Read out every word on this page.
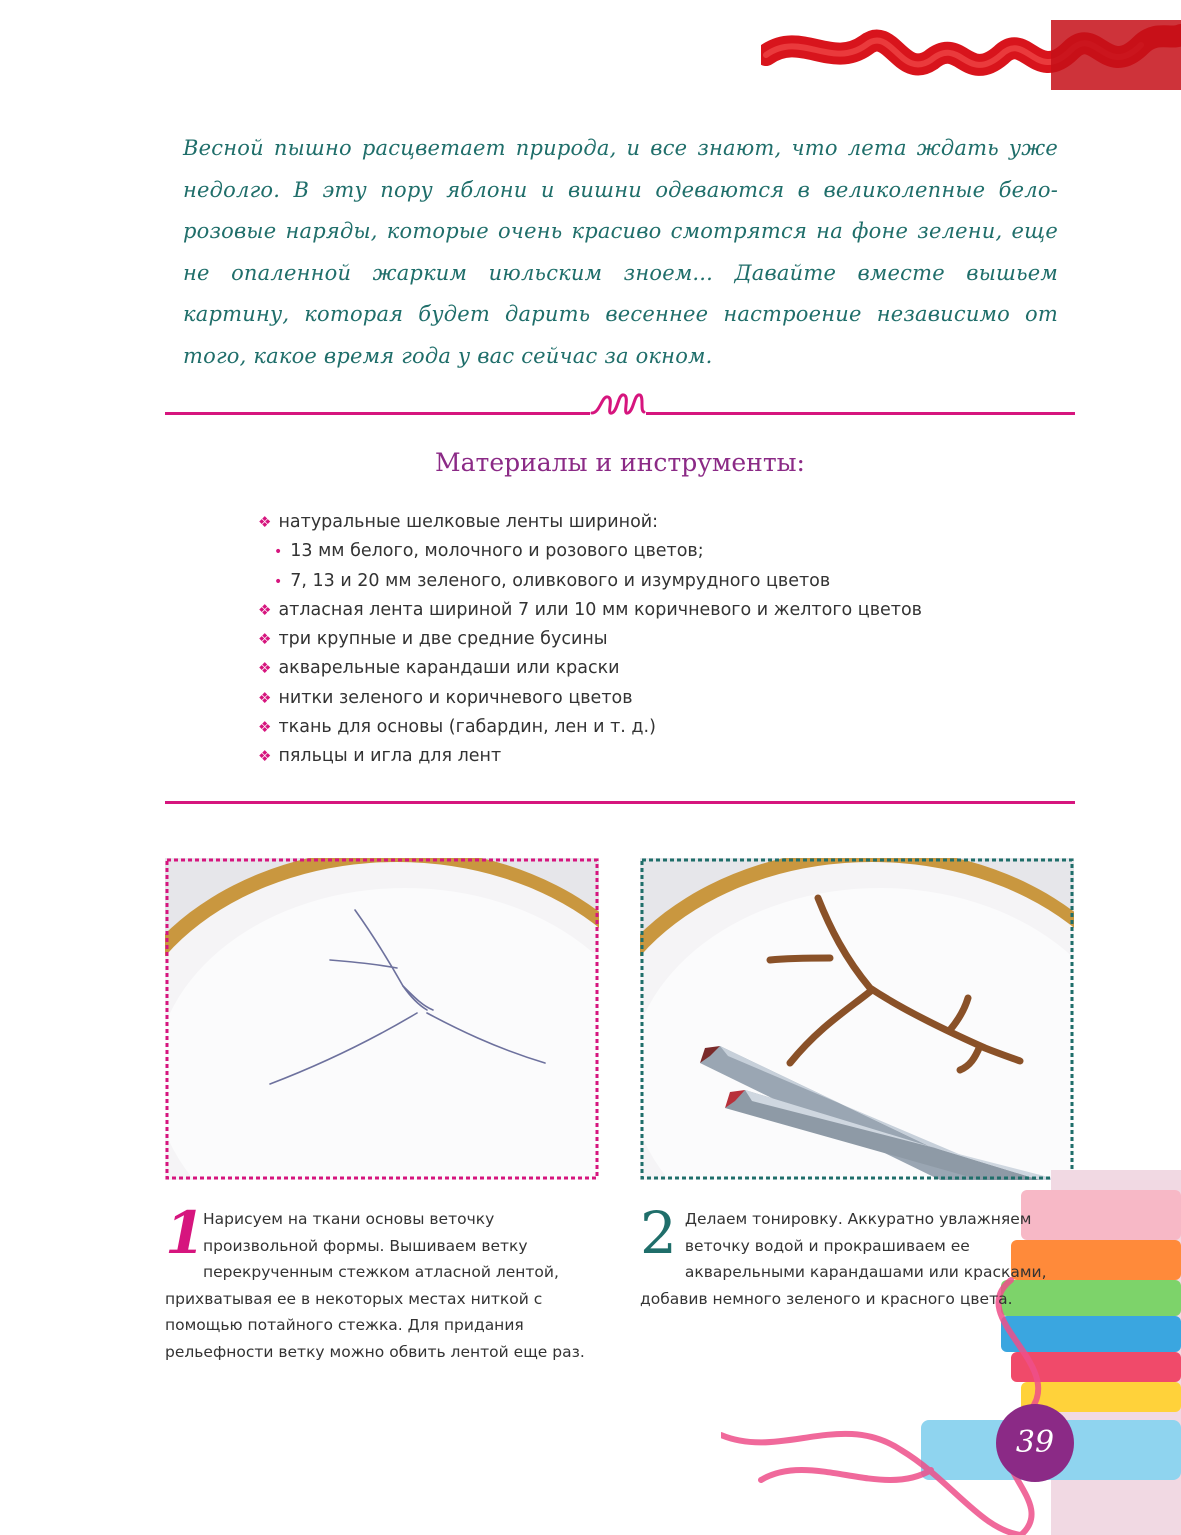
Весной пышно расцветает природа, и все знают, что лета ждать уже недолго. В эту пору яблони и вишни одеваются в великолепные бело-розовые наряды, которые очень красиво смотрятся на фоне зелени, еще не опаленной жарким июльским зноем... Давайте вместе вышьем картину, которая будет дарить весеннее настроение независимо от того, какое время года у вас сейчас за окном.
Материалы и инструменты:
❖ натуральные шелковые ленты шириной:
• 13 мм белого, молочного и розового цветов;
• 7, 13 и 20 мм зеленого, оливкового и изумрудного цветов
❖ атласная лента шириной 7 или 10 мм коричневого и желтого цветов
❖ три крупные и две средние бусины
❖ акварельные карандаши или краски
❖ нитки зеленого и коричневого цветов
❖ ткань для основы (габардин, лен и т. д.)
❖ пяльцы и игла для лент
1
Нарисуем на ткани основы веточку произвольной формы. Вышиваем ветку перекрученным стежком атласной лентой, прихватывая ее в некоторых местах ниткой с помощью потайного стежка. Для придания рельефности ветку можно обвить лентой еще раз.
2 Делаем тонировку. Аккуратно увлажняем веточку водой и прокрашиваем ее акварельными карандашами или красками, добавив немного зеленого и красного цвета.
39
